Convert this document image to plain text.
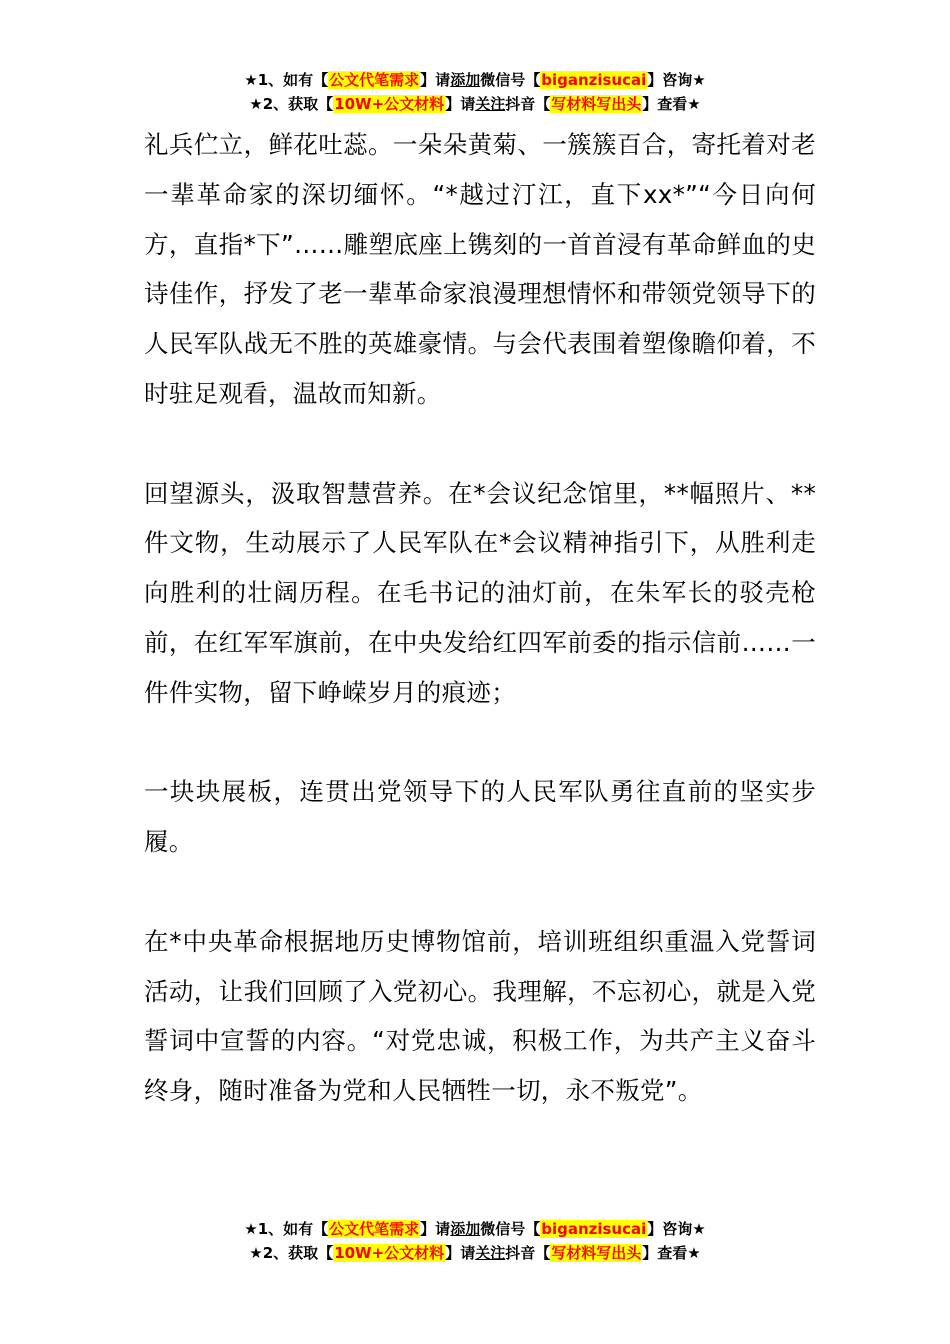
★1、如有【公文代笔需求】请添加微信号【biganzisucai】咨询★
★2、获取【10W+公文材料】请关注抖音【写材料写出头】查看★

礼兵伫立，鲜花吐蕊。一朵朵黄菊、一簇簇百合，寄托着对老一辈革命家的深切缅怀。“*越过汀江，直下xx*”“今日向何方，直指*下”……雕塑底座上镌刻的一首首浸有革命鲜血的史诗佳作，抒发了老一辈革命家浪漫理想情怀和带领党领导下的人民军队战无不胜的英雄豪情。与会代表围着塑像瞻仰着，不时驻足观看，温故而知新。

回望源头，汲取智慧营养。在*会议纪念馆里，**幅照片、**件文物，生动展示了人民军队在*会议精神指引下，从胜利走向胜利的壮阔历程。在毛书记的油灯前，在朱军长的驳壳枪前，在红军军旗前，在中央发给红四军前委的指示信前……一件件实物，留下峥嵘岁月的痕迹；

一块块展板，连贯出党领导下的人民军队勇往直前的坚实步履。

在*中央革命根据地历史博物馆前，培训班组织重温入党誓词活动，让我们回顾了入党初心。我理解，不忘初心，就是入党誓词中宣誓的内容。“对党忠诚，积极工作，为共产主义奋斗终身，随时准备为党和人民牺牲一切，永不叛党”。

★1、如有【公文代笔需求】请添加微信号【biganzisucai】咨询★
★2、获取【10W+公文材料】请关注抖音【写材料写出头】查看★
